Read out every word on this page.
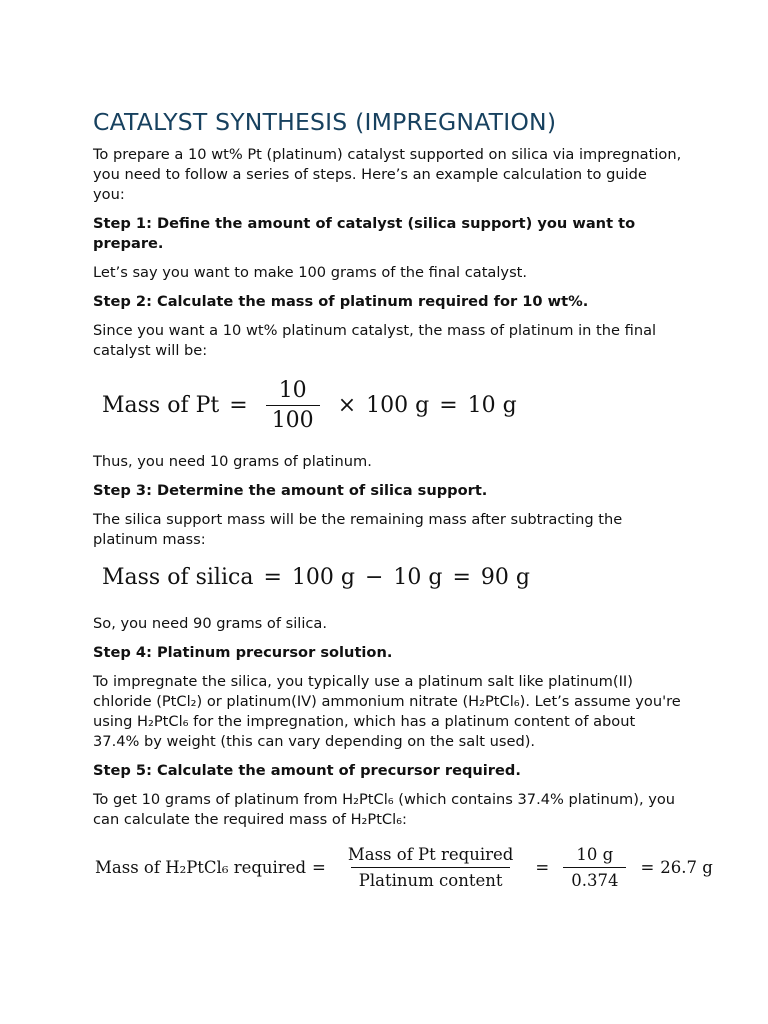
CATALYST SYNTHESIS (IMPREGNATION)

To prepare a 10 wt% Pt (platinum) catalyst supported on silica via impregnation, you need to follow a series of steps. Here’s an example calculation to guide you:

Step 1: Define the amount of catalyst (silica support) you want to prepare.

Let’s say you want to make 100 grams of the final catalyst.

Step 2: Calculate the mass of platinum required for 10 wt%.

Since you want a 10 wt% platinum catalyst, the mass of platinum in the final catalyst will be:

Mass of $Pt = \frac{10}{100} \times 100$ g = 10 g

Thus, you need 10 grams of platinum.

Step 3: Determine the amount of silica support.

The silica support mass will be the remaining mass after subtracting the platinum mass:

Mass of silica = 100 g − 10 g = 90 g

So, you need 90 grams of silica.

Step 4: Platinum precursor solution.

To impregnate the silica, you typically use a platinum salt like platinum(II) chloride (PtCl₂) or platinum(IV) ammonium nitrate (H₂PtCl₆). Let’s assume you're using H₂PtCl₆ for the impregnation, which has a platinum content of about 37.4% by weight (this can vary depending on the salt used).

Step 5: Calculate the amount of precursor required.

To get 10 grams of platinum from H₂PtCl₆ (which contains 37.4% platinum), you can calculate the required mass of H₂PtCl₆:

Mass of H₂PtCl₆ required = $\frac{\text{Mass of Pt required}}{\text{Platinum content}} = \frac{10 g}{0.374} = 26.7$ g
